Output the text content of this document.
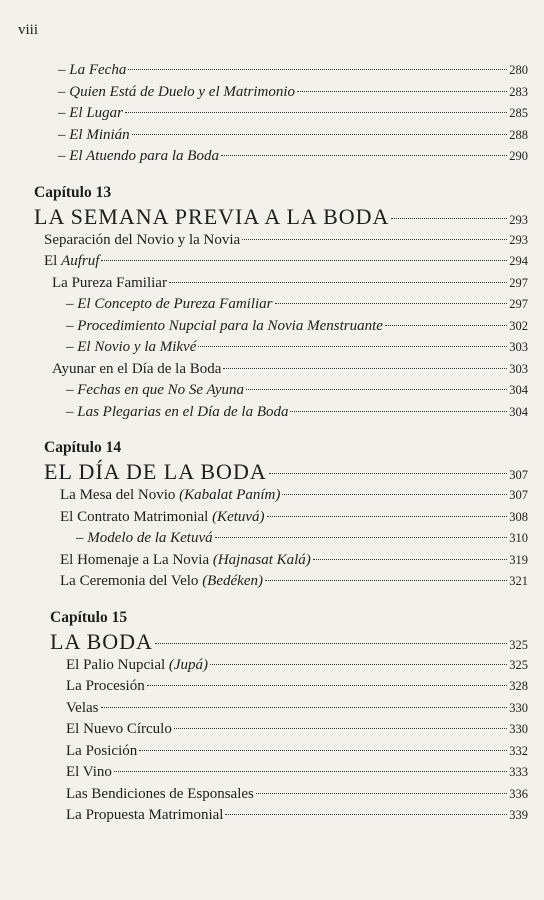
viii
– La Fecha	280
– Quien Está de Duelo y el Matrimonio	283
– El Lugar	285
– El Minián	288
– El Atuendo para la Boda	290
Capítulo 13
LA SEMANA PREVIA A LA BODA	293
Separación del Novio y la Novia	293
El Aufruf	294
La Pureza Familiar	297
– El Concepto de Pureza Familiar	297
– Procedimiento Nupcial para la Novia Menstruante	302
– El Novio y la Mikvé	303
Ayunar en el Día de la Boda	303
– Fechas en que No Se Ayuna	304
– Las Plegarias en el Día de la Boda	304
Capítulo 14
EL DÍA DE LA BODA	307
La Mesa del Novio (Kabalat Paním)	307
El Contrato Matrimonial (Ketuvá)	308
– Modelo de la Ketuvá	310
El Homenaje a La Novia (Hajnasat Kalá)	319
La Ceremonia del Velo (Bedéken)	321
Capítulo 15
LA BODA	325
El Palio Nupcial (Jupá)	325
La Procesión	328
Velas	330
El Nuevo Círculo	330
La Posición	332
El Vino	333
Las Bendiciones de Esponsales	336
La Propuesta Matrimonial	339
